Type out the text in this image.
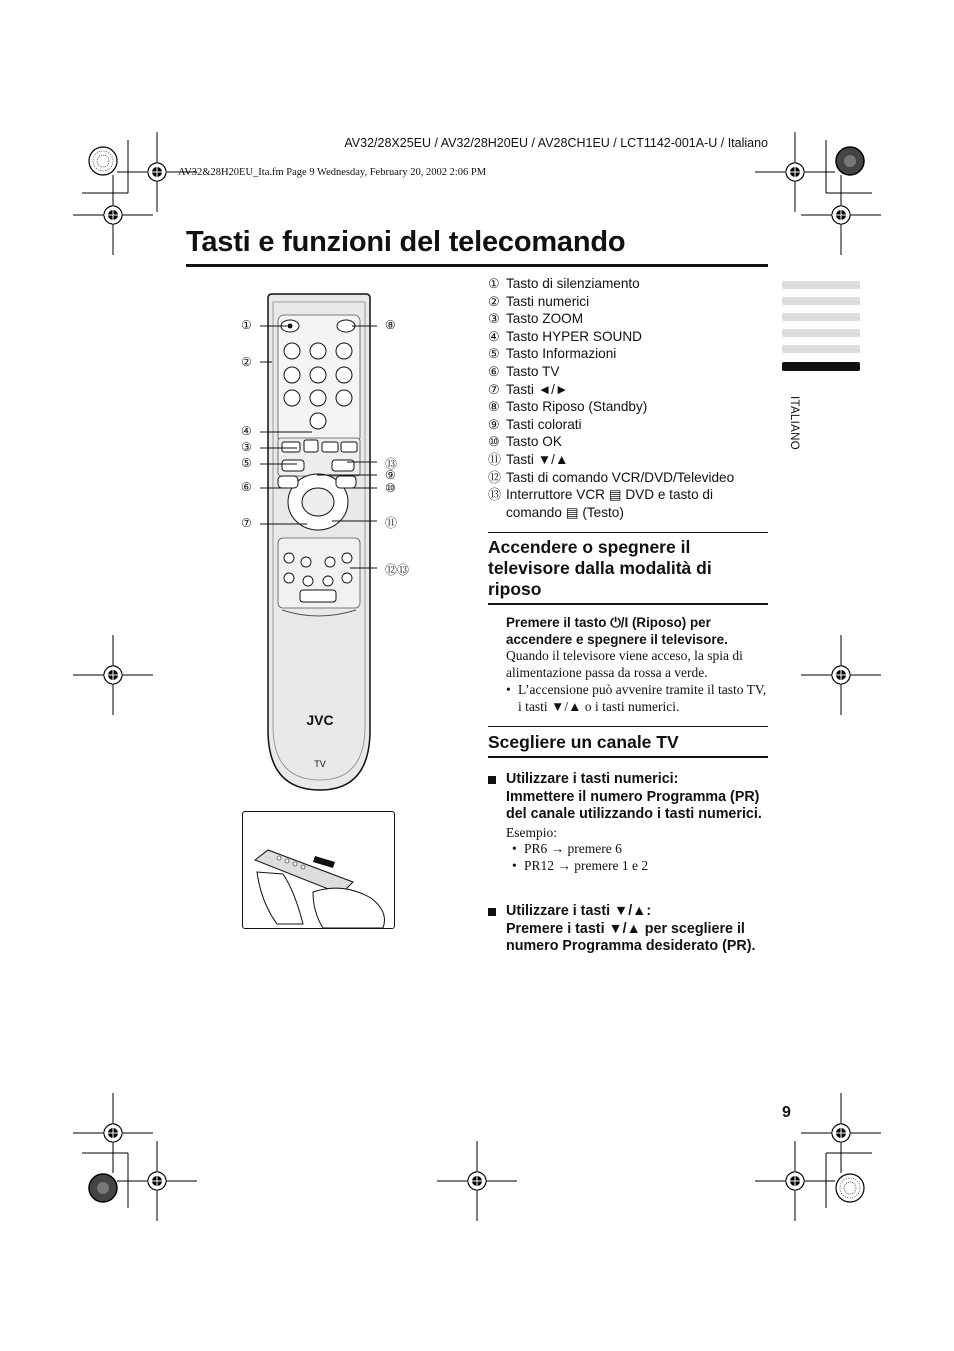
AV32/28X25EU / AV32/28H20EU / AV28CH1EU / LCT1142-001A-U / Italiano
AV32&28H20EU_Ita.fm Page 9 Wednesday, February 20, 2002 2:06 PM
Tasti e funzioni del telecomando
ITALIANO
JVC
TV
①
②
④
③
⑤
⑥
⑦
⑧
⑬
⑨
⑩
⑪
⑫⑬
① Tasto di silenziamento
② Tasti numerici
③ Tasto ZOOM
④ Tasto HYPER SOUND
⑤ Tasto Informazioni
⑥ Tasto TV
⑦ Tasti ◄/►
⑧ Tasto Riposo (Standby)
⑨ Tasti colorati
⑩ Tasto OK
⑪ Tasti ▼/▲
⑫ Tasti di comando VCR/DVD/Televideo
⑬ Interruttore VCR ▤ DVD e tasto di comando ▤ (Testo)
Accendere o spegnere il televisore dalla modalità di riposo
Premere il tasto ⏻/I (Riposo) per accendere e spegnere il televisore.
Quando il televisore viene acceso, la spia di alimentazione passa da rossa a verde.
• L’accensione può avvenire tramite il tasto TV, i tasti ▼/▲ o i tasti numerici.
Scegliere un canale TV
Utilizzare i tasti numerici:
Immettere il numero Programma (PR) del canale utilizzando i tasti numerici.
Esempio:
• PR6 → premere 6
• PR12 → premere 1 e 2
Utilizzare i tasti ▼/▲:
Premere i tasti ▼/▲ per scegliere il numero Programma desiderato (PR).
9
